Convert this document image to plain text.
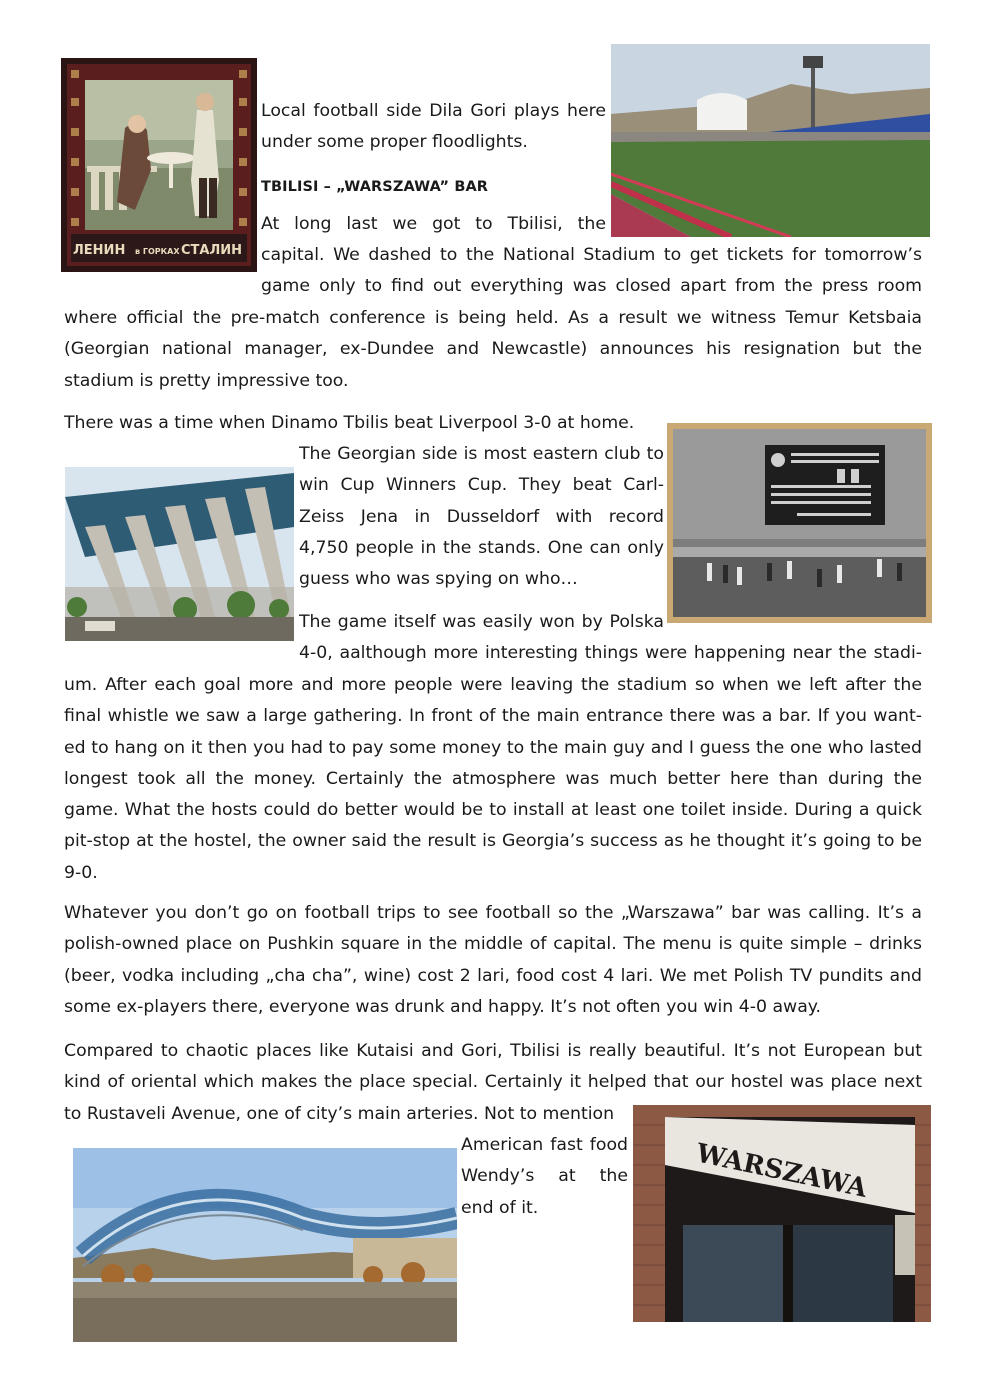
ЛЕНИН в ГОРКАХ СТАЛИН
WARSZAWA
Local football side Dila Gori plays here
under some proper floodlights.
TBILISI – „WARSZAWA” BAR
At long last we got to Tbilisi, the
capital. We dashed to the National Stadium to get tickets for tomorrow’s
game only to find out everything was closed apart from the press room
where official the pre-match conference is being held. As a result we witness Temur Ketsbaia
(Georgian national manager, ex-Dundee and Newcastle) announces his resignation but the
stadium is pretty impressive too.
There was a time when Dinamo Tbilis beat Liverpool 3-0 at home.
The Georgian side is most eastern club to
win Cup Winners Cup. They beat Carl-
Zeiss Jena in Dusseldorf with record
4,750 people in the stands. One can only
guess who was spying on who…
The game itself was easily won by Polska
4-0, aalthough more interesting things were happening near the stadi-
um. After each goal more and more people were leaving the stadium so when we left after the
final whistle we saw a large gathering. In front of the main entrance there was a bar. If you want-
ed to hang on it then you had to pay some money to the main guy and I guess the one who lasted
longest took all the money. Certainly the atmosphere was much better here than during the
game. What the hosts could do better would be to install at least one toilet inside. During a quick
pit-stop at the hostel, the owner said the result is Georgia’s success as he thought it’s going to be
9-0.
Whatever you don’t go on football trips to see football so the „Warszawa” bar was calling. It’s a
polish-owned place on Pushkin square in the middle of capital. The menu is quite simple – drinks
(beer, vodka including „cha cha”, wine) cost 2 lari, food cost 4 lari. We met Polish TV pundits and
some ex-players there, everyone was drunk and happy. It’s not often you win 4-0 away.
Compared to chaotic places like Kutaisi and Gori, Tbilisi is really beautiful. It’s not European but
kind of oriental which makes the place special. Certainly it helped that our hostel was place next
to Rustaveli Avenue, one of city’s main arteries. Not to mention
American fast food
Wendy’s at the
end of it.
